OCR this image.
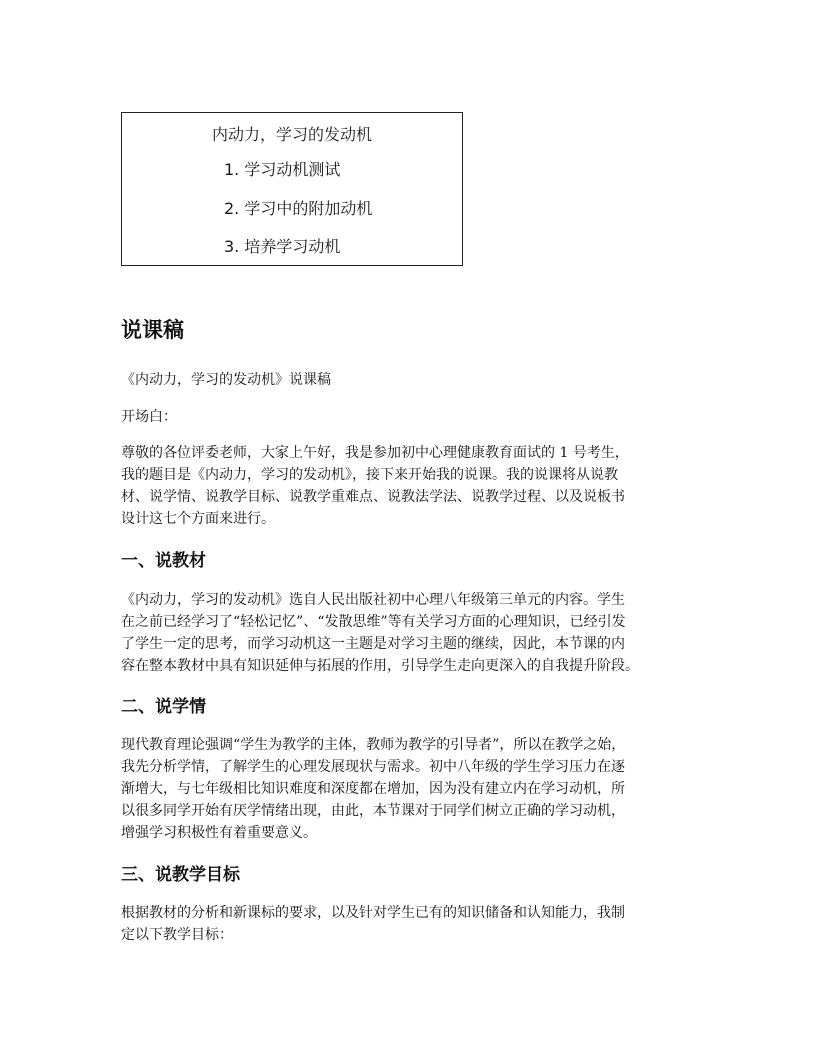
内动力，学习的发动机
1. 学习动机测试
2. 学习中的附加动机
3. 培养学习动机
说课稿

《内动力，学习的发动机》说课稿

开场白：

尊敬的各位评委老师，大家上午好，我是参加初中心理健康教育面试的 1 号考生，
我的题目是《内动力，学习的发动机》，接下来开始我的说课。我的说课将从说教
材、说学情、说教学目标、说教学重难点、说教法学法、说教学过程、以及说板书
设计这七个方面来进行。

一、说教材

《内动力，学习的发动机》选自人民出版社初中心理八年级第三单元的内容。学生
在之前已经学习了“轻松记忆”、“发散思维”等有关学习方面的心理知识，已经引发
了学生一定的思考，而学习动机这一主题是对学习主题的继续，因此，本节课的内
容在整本教材中具有知识延伸与拓展的作用，引导学生走向更深入的自我提升阶段。

二、说学情

现代教育理论强调“学生为教学的主体，教师为教学的引导者”，所以在教学之始，
我先分析学情，了解学生的心理发展现状与需求。初中八年级的学生学习压力在逐
渐增大，与七年级相比知识难度和深度都在增加，因为没有建立内在学习动机，所
以很多同学开始有厌学情绪出现，由此，本节课对于同学们树立正确的学习动机，
增强学习积极性有着重要意义。

三、说教学目标

根据教材的分析和新课标的要求，以及针对学生已有的知识储备和认知能力，我制
定以下教学目标：
